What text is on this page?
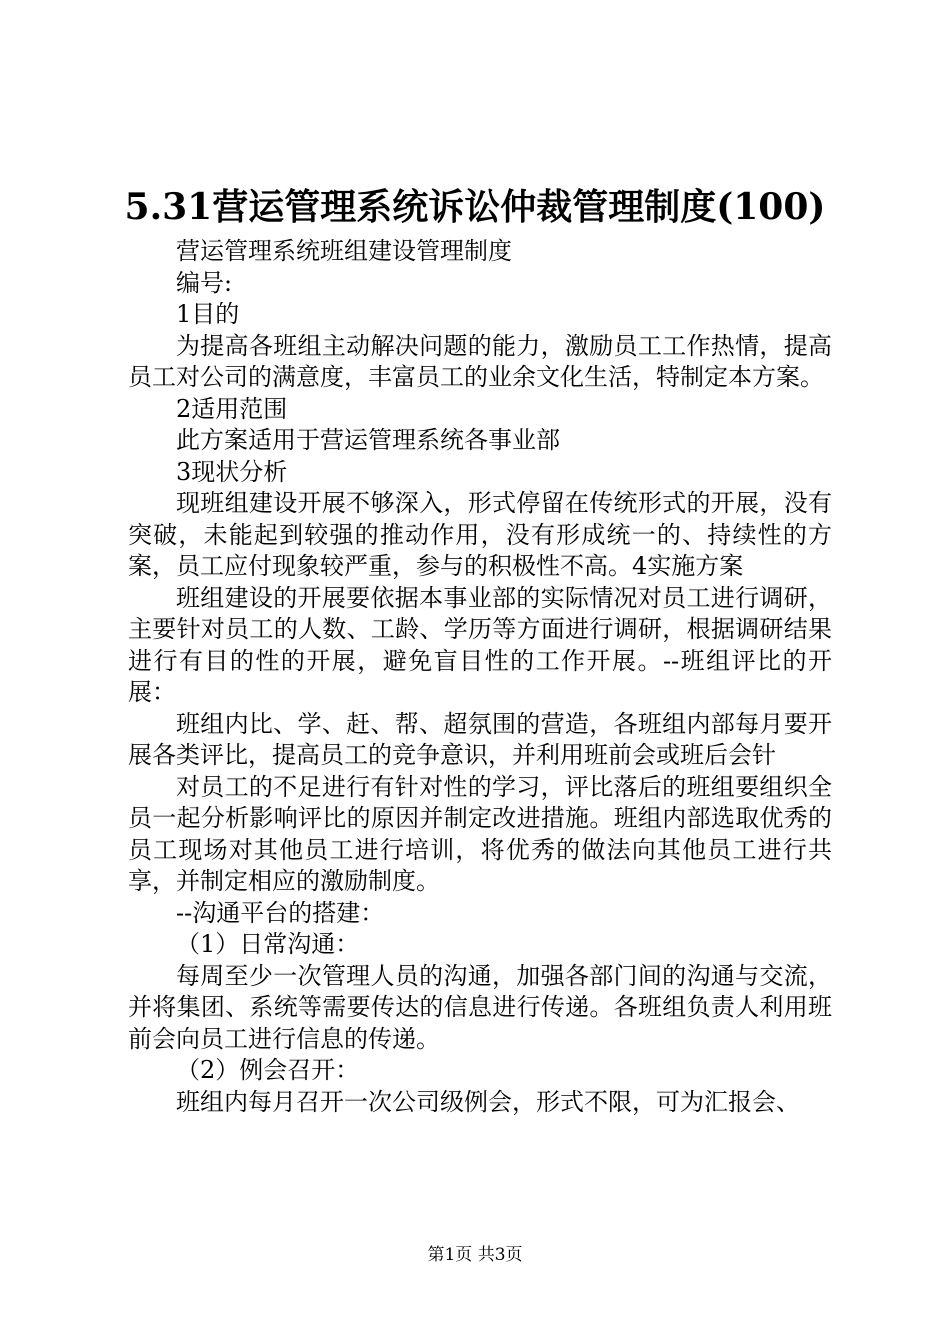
5.31营运管理系统诉讼仲裁管理制度(100)

营运管理系统班组建设管理制度

编号:

1目的

为提高各班组主动解决问题的能力，激励员工工作热情，提高员工对公司的满意度，丰富员工的业余文化生活，特制定本方案。

2适用范围

此方案适用于营运管理系统各事业部

3现状分析

现班组建设开展不够深入，形式停留在传统形式的开展，没有突破，未能起到较强的推动作用，没有形成统一的、持续性的方案，员工应付现象较严重，参与的积极性不高。4实施方案

班组建设的开展要依据本事业部的实际情况对员工进行调研，主要针对员工的人数、工龄、学历等方面进行调研，根据调研结果进行有目的性的开展，避免盲目性的工作开展。--班组评比的开展：

班组内比、学、赶、帮、超氛围的营造，各班组内部每月要开展各类评比，提高员工的竞争意识，并利用班前会或班后会针

对员工的不足进行有针对性的学习，评比落后的班组要组织全员一起分析影响评比的原因并制定改进措施。班组内部选取优秀的员工现场对其他员工进行培训，将优秀的做法向其他员工进行共享，并制定相应的激励制度。

--沟通平台的搭建：

（1）日常沟通：

每周至少一次管理人员的沟通，加强各部门间的沟通与交流，并将集团、系统等需要传达的信息进行传递。各班组负责人利用班前会向员工进行信息的传递。

（2）例会召开：

班组内每月召开一次公司级例会，形式不限，可为汇报会、

第1页 共3页
